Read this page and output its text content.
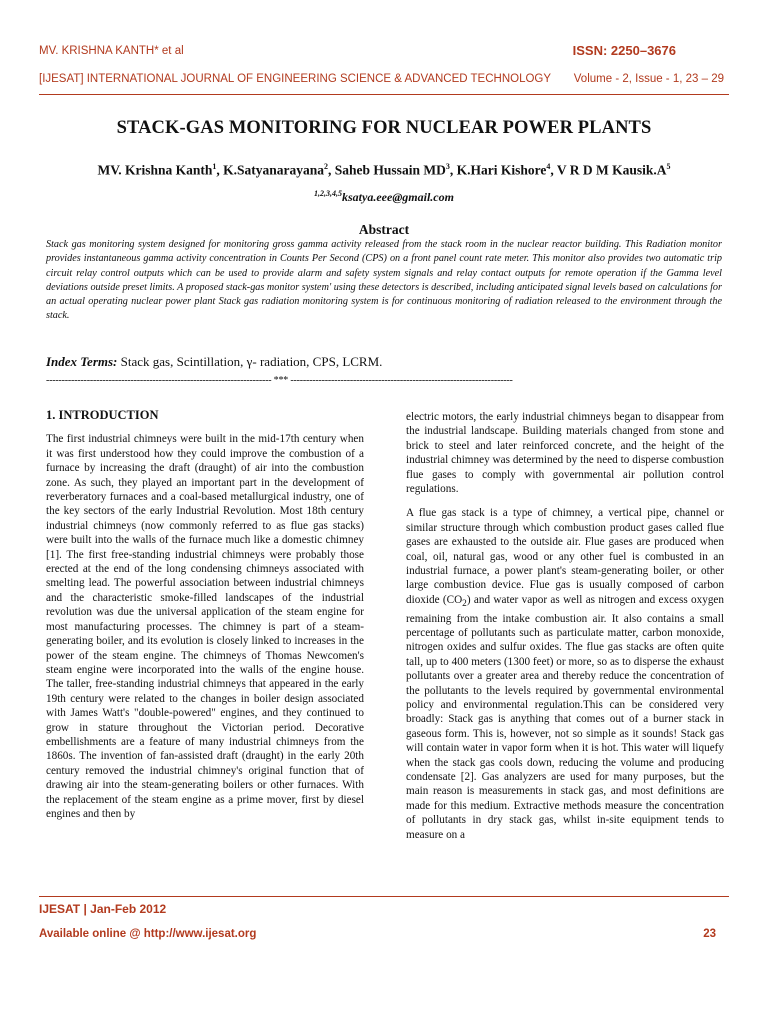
MV. KRISHNA KANTH* et al	ISSN: 2250–3676
[IJESAT] INTERNATIONAL JOURNAL OF ENGINEERING SCIENCE & ADVANCED TECHNOLOGY Volume - 2, Issue - 1, 23 – 29
STACK-GAS MONITORING FOR NUCLEAR POWER PLANTS
MV. Krishna Kanth$^1$, K.Satyanarayana$^2$, Saheb Hussain $MD^3$, K.Hari Kishore$^4$, V R D M $Kausik.A^5$
$^{1,2,3,4,5}$ksatya.eee@gmail.com
Abstract
Stack gas monitoring system designed for monitoring gross gamma activity released from the stack room in the nuclear reactor building. This Radiation monitor provides instantaneous gamma activity concentration in Counts Per Second (CPS) on a front panel count rate meter. This monitor also provides two automatic trip circuit relay control outputs which can be used to provide alarm and safety system signals and relay contact outputs for remote operation if the Gamma level deviations outside preset limits. A proposed stack-gas monitor system' using these detectors is described, including anticipated signal levels based on calculations for an actual operating nuclear power plant Stack gas radiation monitoring system is for continuous monitoring of radiation released to the environment through the stack.
Index Terms: Stack gas, Scintillation, γ- radiation, CPS, LCRM.
------------------------------------------------------------------------ *** -----------------------------------------------------------------------
1. INTRODUCTION

The first industrial chimneys were built in the mid-17th century when it was first understood how they could improve the combustion of a furnace by increasing the draft (draught) of air into the combustion zone. As such, they played an important part in the development of reverberatory furnaces and a coal-based metallurgical industry, one of the key sectors of the early Industrial Revolution. Most 18th century industrial chimneys (now commonly referred to as flue gas stacks) were built into the walls of the furnace much like a domestic chimney [1]. The first free-standing industrial chimneys were probably those erected at the end of the long condensing chimneys associated with smelting lead. The powerful association between industrial chimneys and the characteristic smoke-filled landscapes of the industrial revolution was due the universal application of the steam engine for most manufacturing processes. The chimney is part of a steam-generating boiler, and its evolution is closely linked to increases in the power of the steam engine. The chimneys of Thomas Newcomen's steam engine were incorporated into the walls of the engine house. The taller, free-standing industrial chimneys that appeared in the early 19th century were related to the changes in boiler design associated with James Watt's "double-powered" engines, and they continued to grow in stature throughout the Victorian period. Decorative embellishments are a feature of many industrial chimneys from the 1860s. The invention of fan-assisted draft (draught) in the early 20th century removed the industrial chimney's original function that of drawing air into the steam-generating boilers or other furnaces. With the replacement of the steam engine as a prime mover, first by diesel engines and then by

electric motors, the early industrial chimneys began to disappear from the industrial landscape. Building materials changed from stone and brick to steel and later reinforced concrete, and the height of the industrial chimney was determined by the need to disperse combustion flue gases to comply with governmental air pollution control regulations.

A flue gas stack is a type of chimney, a vertical pipe, channel or similar structure through which combustion product gases called flue gases are exhausted to the outside air. Flue gases are produced when coal, oil, natural gas, wood or any other fuel is combusted in an industrial furnace, a power plant's steam-generating boiler, or other large combustion device. Flue gas is usually composed of carbon dioxide $(CO_2)$ and water vapor as well as nitrogen and excess oxygen remaining from the intake combustion air. It also contains a small percentage of pollutants such as particulate matter, carbon monoxide, nitrogen oxides and sulfur oxides. The flue gas stacks are often quite tall, up to 400 meters (1300 feet) or more, so as to disperse the exhaust pollutants over a greater area and thereby reduce the concentration of the pollutants to the levels required by governmental environmental policy and environmental regulation.This can be considered very broadly: Stack gas is anything that comes out of a burner stack in gaseous form. This is, however, not so simple as it sounds! Stack gas will contain water in vapor form when it is hot. This water will liquefy when the stack gas cools down, reducing the volume and producing condensate [2]. Gas analyzers are used for many purposes, but the main reason is measurements in stack gas, and most definitions are made for this medium. Extractive methods measure the concentration of pollutants in dry stack gas, whilst in-site equipment tends to measure on a

IJESAT | Jan-Feb 2012
Available online @ http://www.ijesat.org	23
